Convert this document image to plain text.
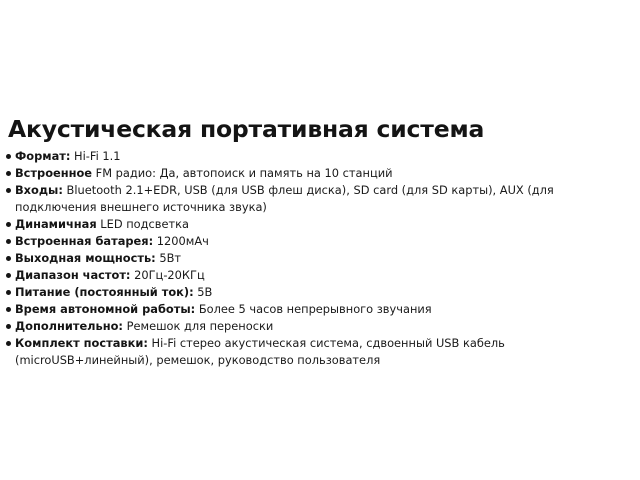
Акустическая портативная система
Формат: Hi-Fi 1.1
Встроенное FM радио: Да, автопоиск и память на 10 станций
Входы: Bluetooth 2.1+EDR, USB (для USB флеш диска), SD card (для SD карты), AUX (для подключения внешнего источника звука)
Динамичная LED подсветка
Встроенная батарея: 1200мАч
Выходная мощность: 5Вт
Диапазон частот: 20Гц-20КГц
Питание (постоянный ток): 5В
Время автономной работы: Более 5 часов непрерывного звучания
Дополнительно: Ремешок для переноски
Комплект поставки: Hi-Fi стерео акустическая система, сдвоенный USB кабель (microUSB+линейный), ремешок, руководство пользователя
